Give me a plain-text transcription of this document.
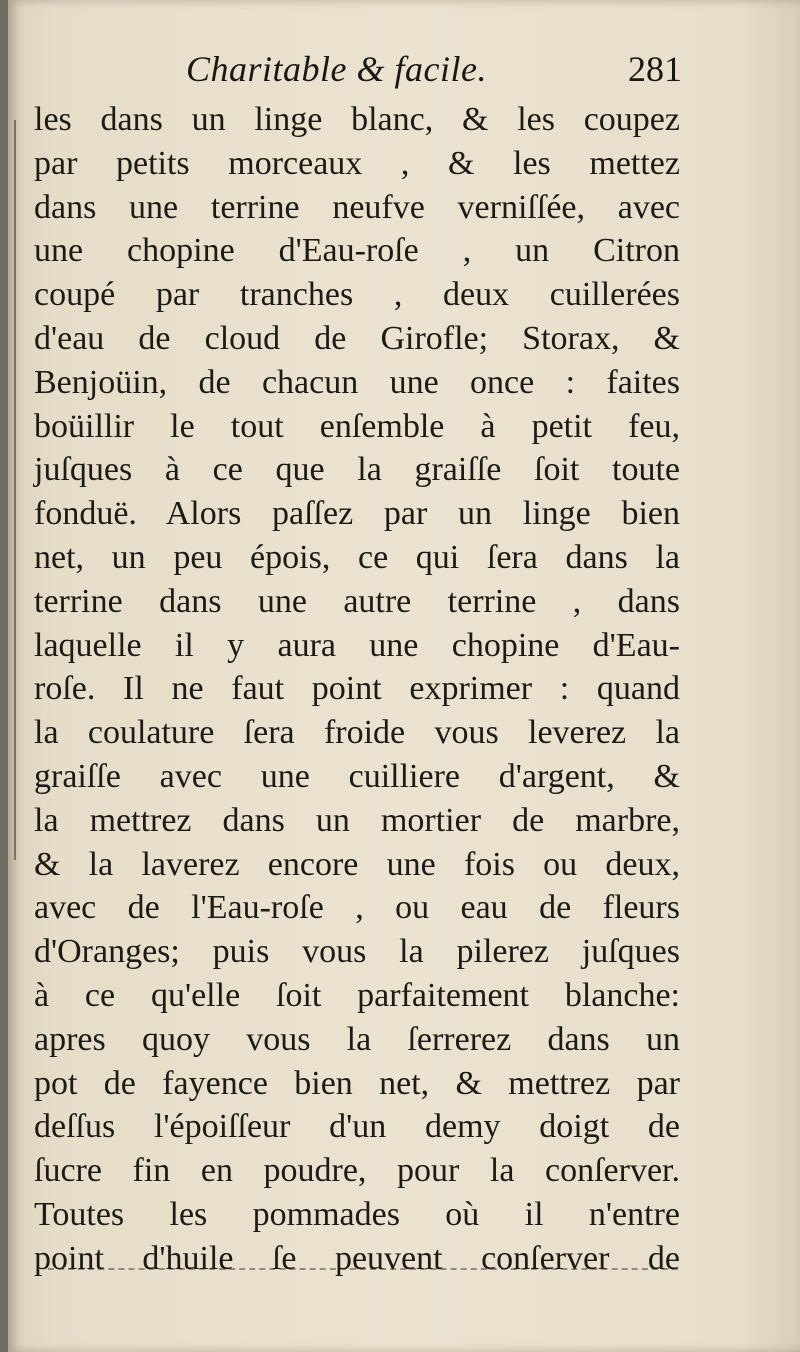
Charitable & facile.	281
les dans un linge blanc, & les coupez
par petits morceaux , & les mettez
dans une terrine neufve verniſſée, avec
une chopine d'Eau-roſe , un Citron
coupé par tranches , deux cuillerées
d'eau de cloud de Girofle; Storax, &
Benjoüin, de chacun une once : faites
boüillir le tout enſemble à petit feu,
juſques à ce que la graiſſe ſoit toute
fonduë. Alors paſſez par un linge bien
net, un peu épois, ce qui ſera dans la
terrine dans une autre terrine , dans
laquelle il y aura une chopine d'Eau-
roſe. Il ne faut point exprimer : quand
la coulature ſera froide vous leverez la
graiſſe avec une cuilliere d'argent, &
la mettrez dans un mortier de marbre,
& la laverez encore une fois ou deux,
avec de l'Eau-roſe , ou eau de fleurs
d'Oranges; puis vous la pilerez juſques
à ce qu'elle ſoit parfaitement blanche:
apres quoy vous la ſerrerez dans un
pot de fayence bien net, & mettrez par
deſſus l'époiſſeur d'un demy doigt de
ſucre fin en poudre, pour la conſerver.
Toutes les pommades où il n'entre
point d'huile ſe peuvent conſerver de
